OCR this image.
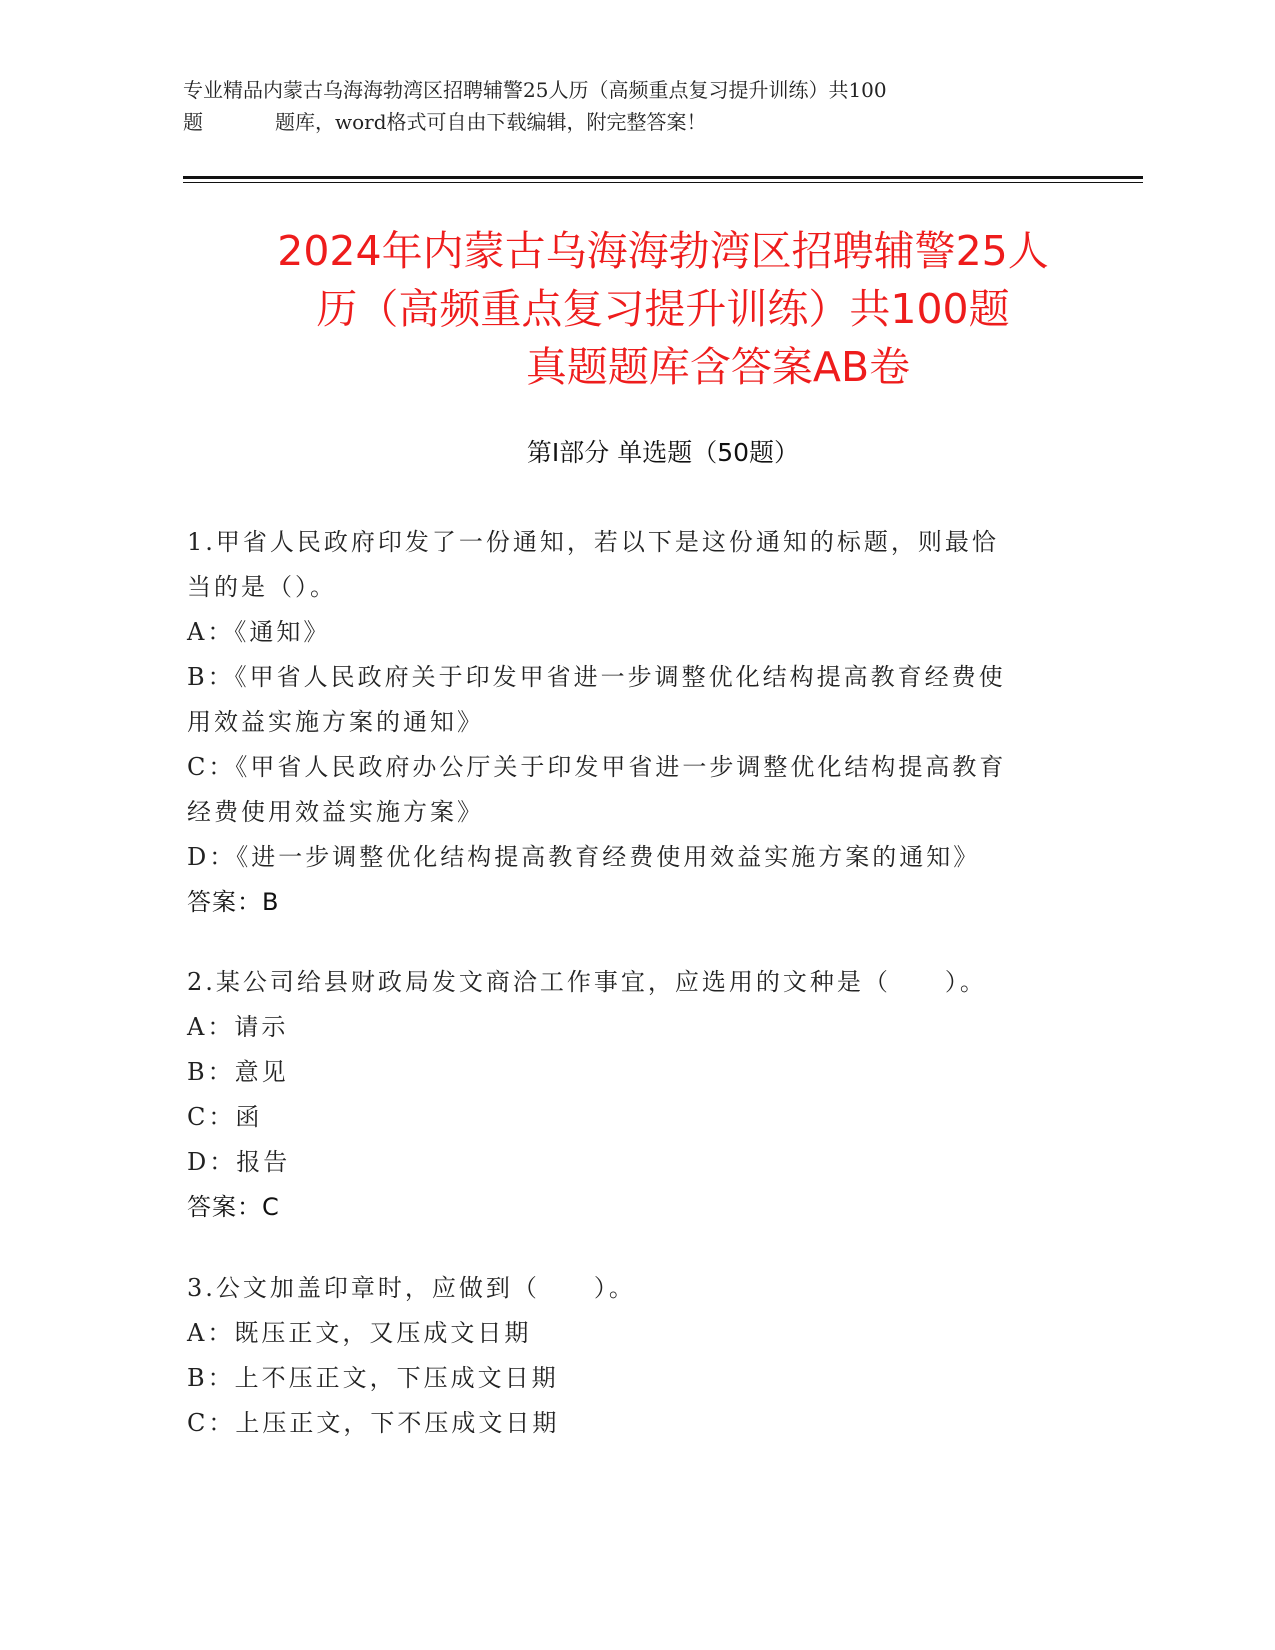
专业精品内蒙古乌海海勃湾区招聘辅警25人历（高频重点复习提升训练）共100
题	题库，word格式可自由下载编辑，附完整答案！
2024年内蒙古乌海海勃湾区招聘辅警25人
历（高频重点复习提升训练）共100题
真题题库含答案AB卷
第Ⅰ部分 单选题（50题）
1.甲省人民政府印发了一份通知，若以下是这份通知的标题，则最恰
当的是（）。
A：《通知》
B：《甲省人民政府关于印发甲省进一步调整优化结构提高教育经费使
用效益实施方案的通知》
C：《甲省人民政府办公厅关于印发甲省进一步调整优化结构提高教育
经费使用效益实施方案》
D：《进一步调整优化结构提高教育经费使用效益实施方案的通知》
答案：B
2.某公司给县财政局发文商洽工作事宜，应选用的文种是（　　）。
A：请示
B：意见
C：函
D：报告
答案：C
3.公文加盖印章时，应做到（　　）。
A：既压正文，又压成文日期
B：上不压正文，下压成文日期
C：上压正文，下不压成文日期
